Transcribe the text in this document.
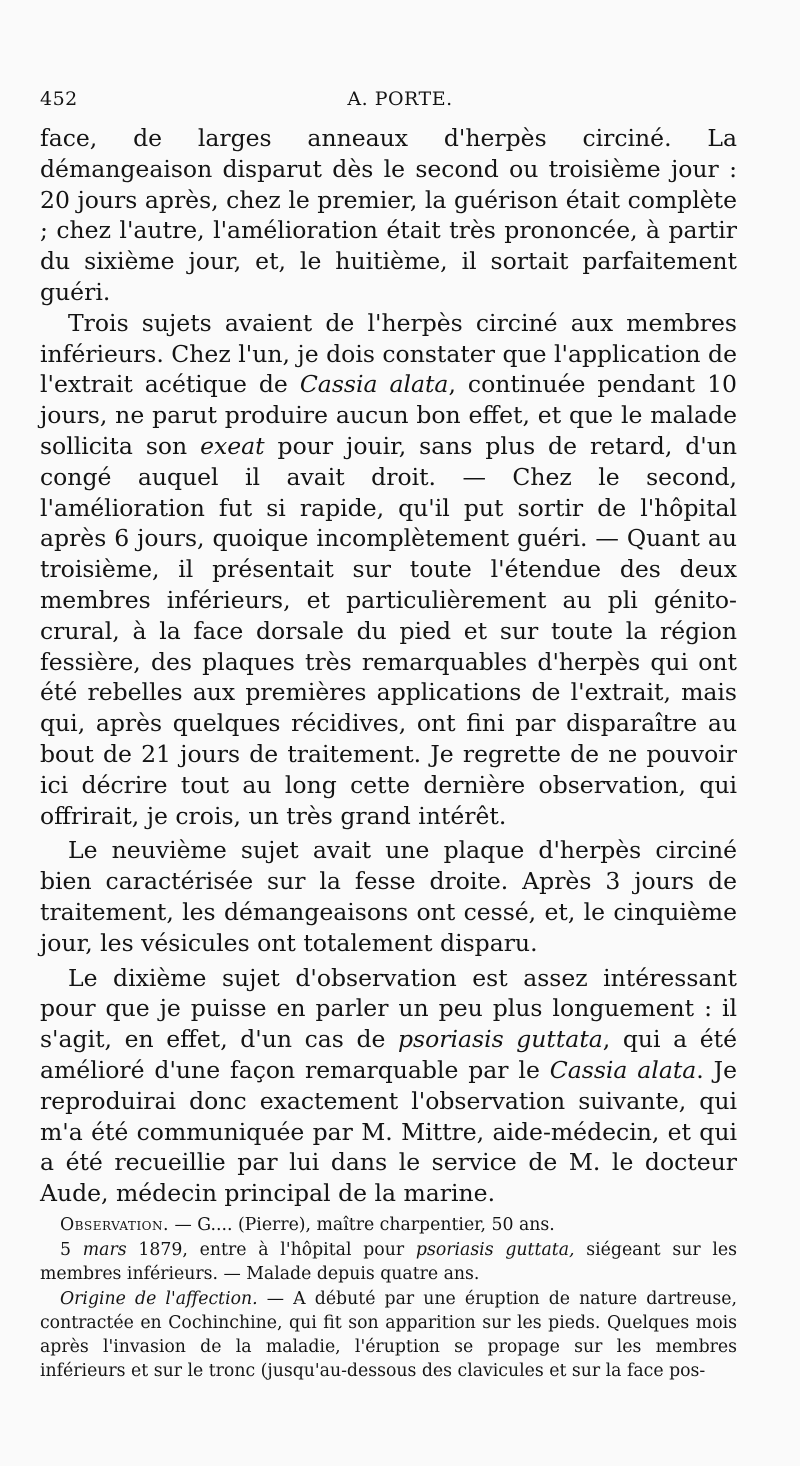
452	A. PORTE.

face, de larges anneaux d'herpès circiné. La démangeaison disparut dès le second ou troisième jour : 20 jours après, chez le premier, la guérison était complète ; chez l'autre, l'amélioration était très prononcée, à partir du sixième jour, et, le huitième, il sortait parfaitement guéri.

Trois sujets avaient de l'herpès circiné aux membres inférieurs. Chez l'un, je dois constater que l'application de l'extrait acétique de Cassia alata, continuée pendant 10 jours, ne parut produire aucun bon effet, et que le malade sollicita son exeat pour jouir, sans plus de retard, d'un congé auquel il avait droit. — Chez le second, l'amélioration fut si rapide, qu'il put sortir de l'hôpital après 6 jours, quoique incomplètement guéri. — Quant au troisième, il présentait sur toute l'étendue des deux membres inférieurs, et particulièrement au pli génito-crural, à la face dorsale du pied et sur toute la région fessière, des plaques très remarquables d'herpès qui ont été rebelles aux premières applications de l'extrait, mais qui, après quelques récidives, ont fini par disparaître au bout de 21 jours de traitement. Je regrette de ne pouvoir ici décrire tout au long cette dernière observation, qui offrirait, je crois, un très grand intérêt.

Le neuvième sujet avait une plaque d'herpès circiné bien caractérisée sur la fesse droite. Après 3 jours de traitement, les démangeaisons ont cessé, et, le cinquième jour, les vésicules ont totalement disparu.

Le dixième sujet d'observation est assez intéressant pour que je puisse en parler un peu plus longuement : il s'agit, en effet, d'un cas de psoriasis guttata, qui a été amélioré d'une façon remarquable par le Cassia alata. Je reproduirai donc exactement l'observation suivante, qui m'a été communiquée par M. Mittre, aide-médecin, et qui a été recueillie par lui dans le service de M. le docteur Aude, médecin principal de la marine.

Observation. — G.... (Pierre), maître charpentier, 50 ans.

5 mars 1879, entre à l'hôpital pour psoriasis guttata, siégeant sur les membres inférieurs. — Malade depuis quatre ans.

Origine de l'affection. — A débuté par une éruption de nature dartreuse, contractée en Cochinchine, qui fit son apparition sur les pieds. Quelques mois après l'invasion de la maladie, l'éruption se propage sur les membres inférieurs et sur le tronc (jusqu'au-dessous des clavicules et sur la face pos-
